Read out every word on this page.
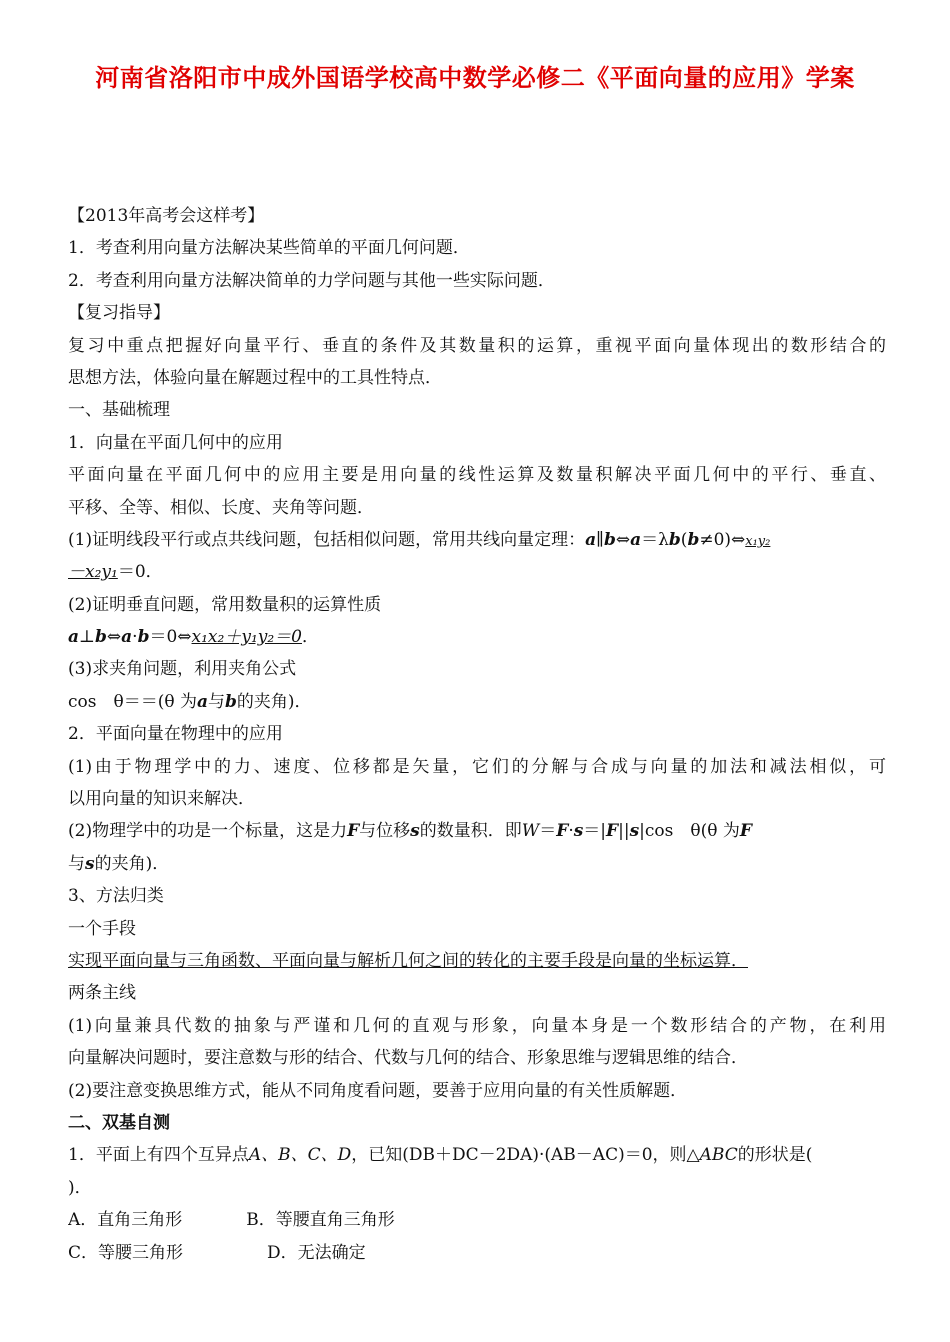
河南省洛阳市中成外国语学校高中数学必修二《平面向量的应用》学案
【2013年高考会这样考】
1．考查利用向量方法解决某些简单的平面几何问题．
2．考查利用向量方法解决简单的力学问题与其他一些实际问题．
【复习指导】
复习中重点把握好向量平行、垂直的条件及其数量积的运算，重视平面向量体现出的数形结合的
思想方法，体验向量在解题过程中的工具性特点．
一、基础梳理
1．向量在平面几何中的应用
平面向量在平面几何中的应用主要是用向量的线性运算及数量积解决平面几何中的平行、垂直、
平移、全等、相似、长度、夹角等问题．
(1)证明线段平行或点共线问题，包括相似问题，常用共线向量定理：a∥b⇔a＝λb(b≠0)⇔x₁y₂
－x₂y₁＝0．
(2)证明垂直问题，常用数量积的运算性质
a⊥b⇔a·b＝0⇔x₁x₂＋y₁y₂＝0．
(3)求夹角问题，利用夹角公式
cos　θ＝＝(θ 为a与b的夹角)．
2．平面向量在物理中的应用
(1)由于物理学中的力、速度、位移都是矢量，它们的分解与合成与向量的加法和减法相似，可
以用向量的知识来解决．
(2)物理学中的功是一个标量，这是力F与位移s的数量积．即W＝F·s＝|F||s|cos　θ(θ 为F
与s的夹角)．
3、方法归类
一个手段
实现平面向量与三角函数、平面向量与解析几何之间的转化的主要手段是向量的坐标运算．
两条主线
(1)向量兼具代数的抽象与严谨和几何的直观与形象，向量本身是一个数形结合的产物，在利用
向量解决问题时，要注意数与形的结合、代数与几何的结合、形象思维与逻辑思维的结合．
(2)要注意变换思维方式，能从不同角度看问题，要善于应用向量的有关性质解题．
二、双基自测
1．平面上有四个互异点A、B、C、D，已知(DB＋DC－2DA)·(AB－AC)＝0，则△ABC的形状是(
)．
A．直角三角形	B．等腰直角三角形
C．等腰三角形	D．无法确定
